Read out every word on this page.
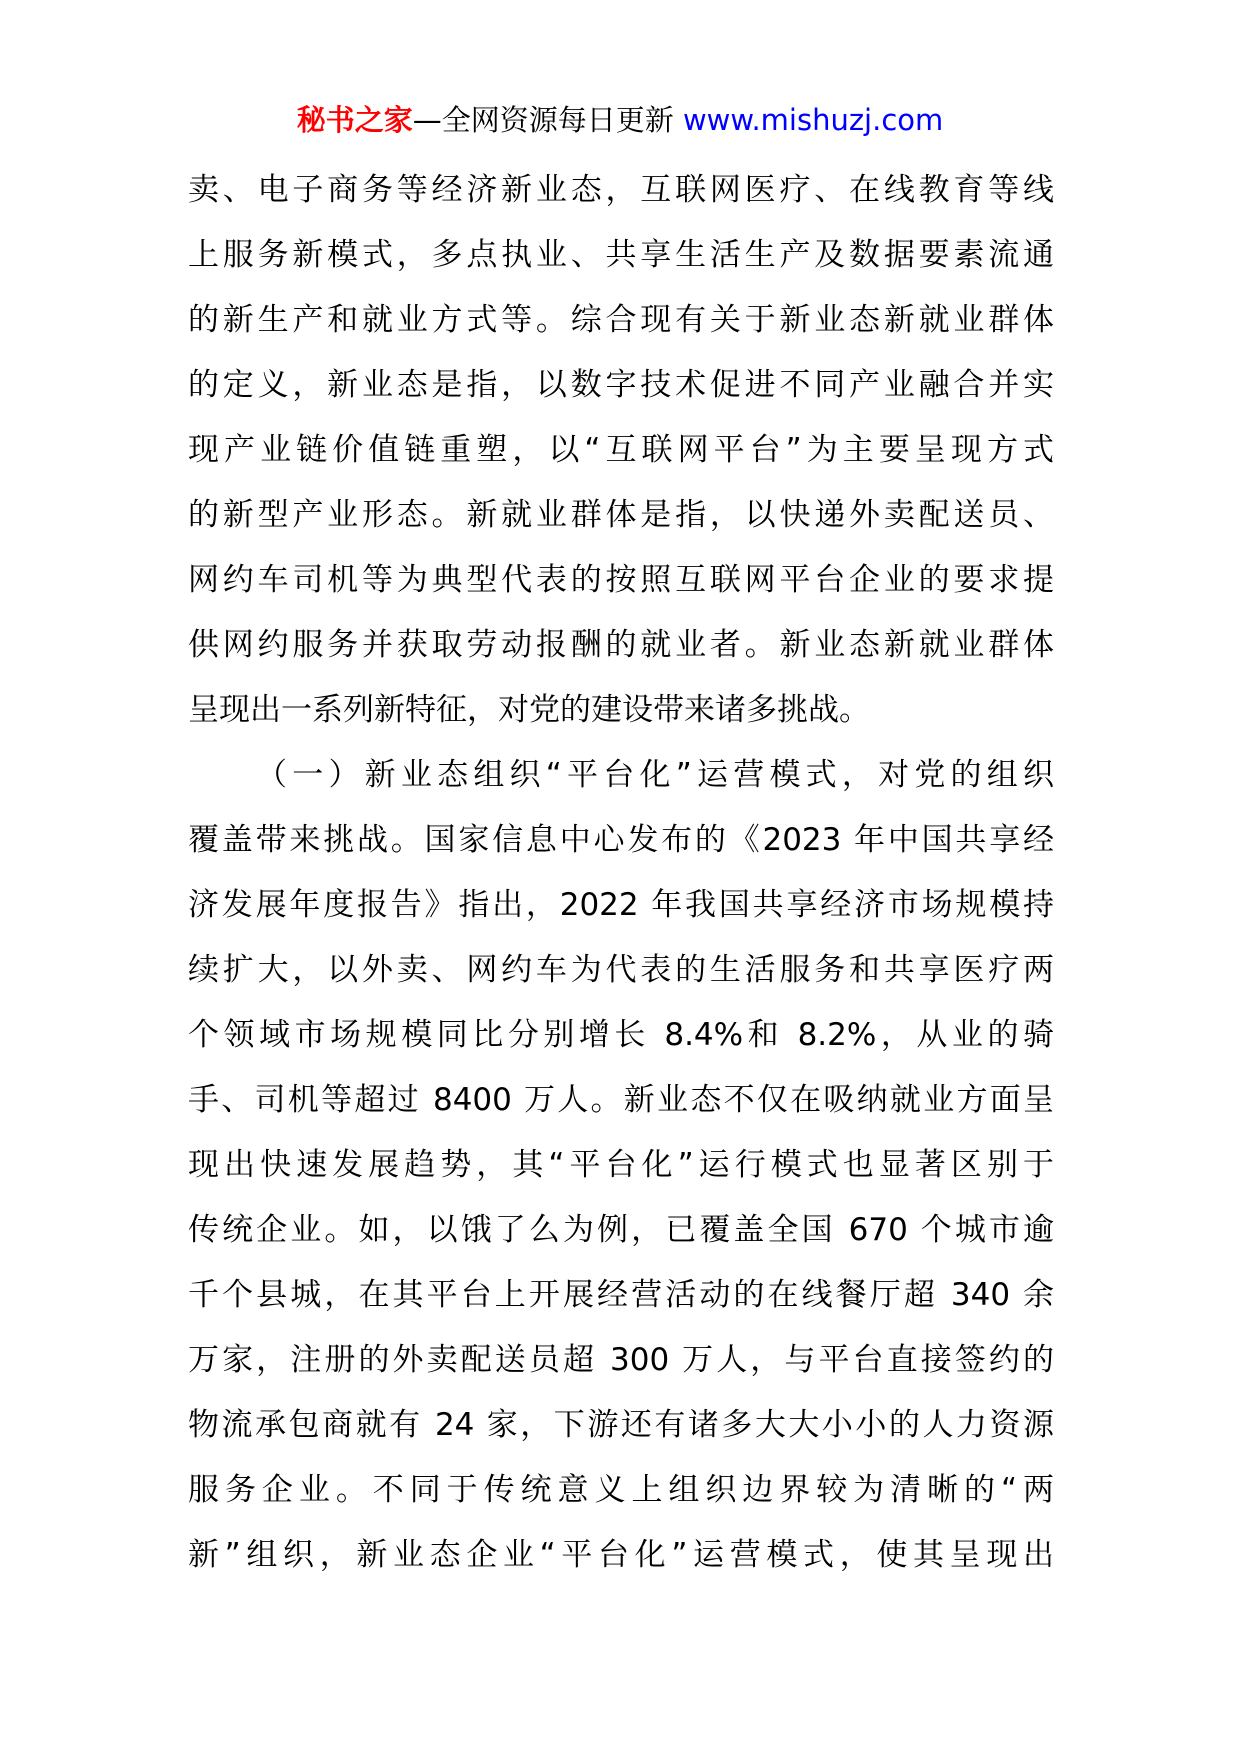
秘书之家—全网资源每日更新 www.mishuzj.com
卖、电子商务等经济新业态，互联网医疗、在线教育等线
上服务新模式，多点执业、共享生活生产及数据要素流通
的新生产和就业方式等。综合现有关于新业态新就业群体
的定义，新业态是指，以数字技术促进不同产业融合并实
现产业链价值链重塑，以“互联网平台”为主要呈现方式
的新型产业形态。新就业群体是指，以快递外卖配送员、
网约车司机等为典型代表的按照互联网平台企业的要求提
供网约服务并获取劳动报酬的就业者。新业态新就业群体
呈现出一系列新特征，对党的建设带来诸多挑战。
（一）新业态组织“平台化”运营模式，对党的组织
覆盖带来挑战。国家信息中心发布的《2023 年中国共享经
济发展年度报告》指出，2022 年我国共享经济市场规模持
续扩大，以外卖、网约车为代表的生活服务和共享医疗两
个领域市场规模同比分别增长 8.4%和 8.2%，从业的骑
手、司机等超过 8400 万人。新业态不仅在吸纳就业方面呈
现出快速发展趋势，其“平台化”运行模式也显著区别于
传统企业。如，以饿了么为例，已覆盖全国 670 个城市逾
千个县城，在其平台上开展经营活动的在线餐厅超 340 余
万家，注册的外卖配送员超 300 万人，与平台直接签约的
物流承包商就有 24 家，下游还有诸多大大小小的人力资源
服务企业。不同于传统意义上组织边界较为清晰的“两
新”组织，新业态企业“平台化”运营模式，使其呈现出
